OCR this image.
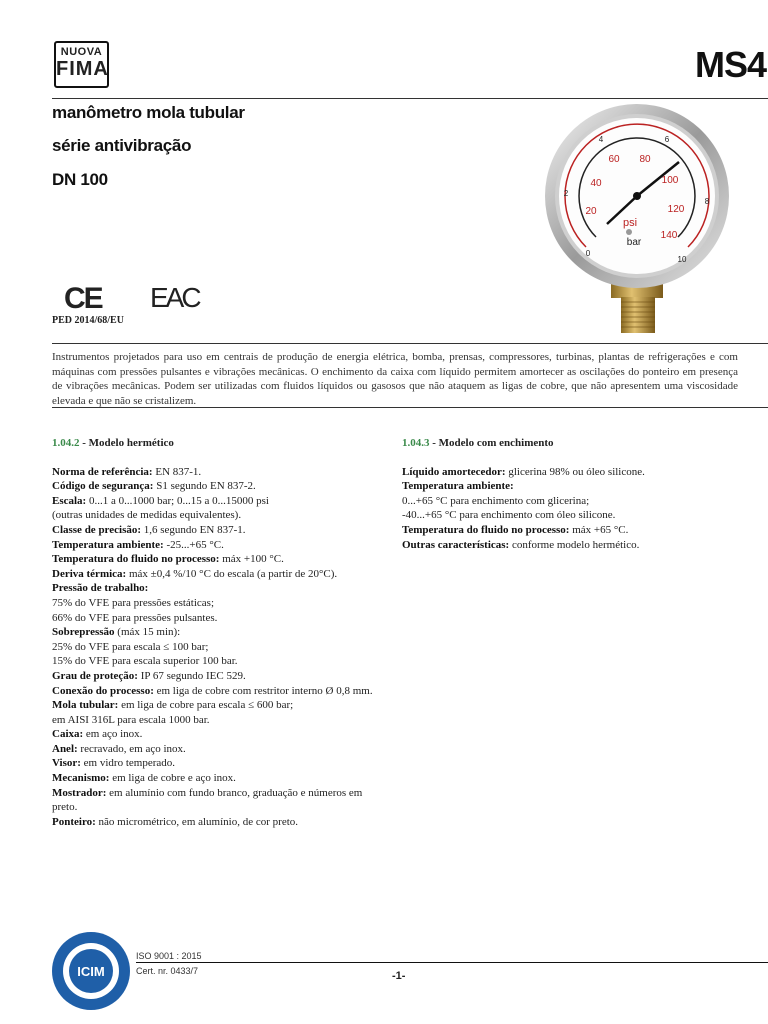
NUOVA
FIMA	MS4
manômetro mola tubular
série antivibração
DN 100
CE EAC
PED 2014/68/EU
20
40
60 80
100
120
140
psi
0
2
4	6
8
10
bar
Instrumentos projetados para uso em centrais de produção de energia elétrica, bomba, prensas, compressores, turbinas, plantas de refrigerações e com máquinas com pressões pulsantes e vibrações mecânicas. O enchimento da caixa com líquido permitem amortecer as oscilações do ponteiro em presença de vibrações mecânicas. Podem ser utilizadas com fluidos líquidos ou gasosos que não ataquem as ligas de cobre, que não apresentem uma viscosidade elevada e que não se cristalizem.
1.04.2 - Modelo hermético
Norma de referência: EN 837-1.
Código de segurança: S1 segundo EN 837-2.
Escala: 0...1 a 0...1000 bar; 0...15 a 0...15000 psi
(outras unidades de medidas equivalentes).
Classe de precisão: 1,6 segundo EN 837-1.
Temperatura ambiente: -25...+65 °C.
Temperatura do fluido no processo: máx +100 °C.
Deriva térmica: máx ±0,4 %/10 °C do escala (a partir de 20°C).
Pressão de trabalho:
75% do VFE para pressões estáticas;
66% do VFE para pressões pulsantes.
Sobrepressão (máx 15 min):
25% do VFE para escala ≤ 100 bar;
15% do VFE para escala superior 100 bar.
Grau de proteção: IP 67 segundo IEC 529.
Conexão do processo: em liga de cobre com restritor interno Ø 0,8 mm.
Mola tubular: em liga de cobre para escala ≤ 600 bar;
em AISI 316L para escala 1000 bar.
Caixa: em aço inox.
Anel: recravado, em aço inox.
Visor: em vidro temperado.
Mecanismo: em liga de cobre e aço inox.
Mostrador: em alumínio com fundo branco, graduação e números em
preto.
Ponteiro: não micrométrico, em alumínio, de cor preto.
1.04.3 - Modelo com enchimento
Líquido amortecedor: glicerina 98% ou óleo silicone.
Temperatura ambiente:
0...+65 °C para enchimento com glicerina;
-40...+65 °C para enchimento com óleo silicone.
Temperatura do fluido no processo: máx +65 °C.
Outras características: conforme modelo hermético.
ICIM
ISO 9001 : 2015
Cert. nr. 0433/7	-1-
